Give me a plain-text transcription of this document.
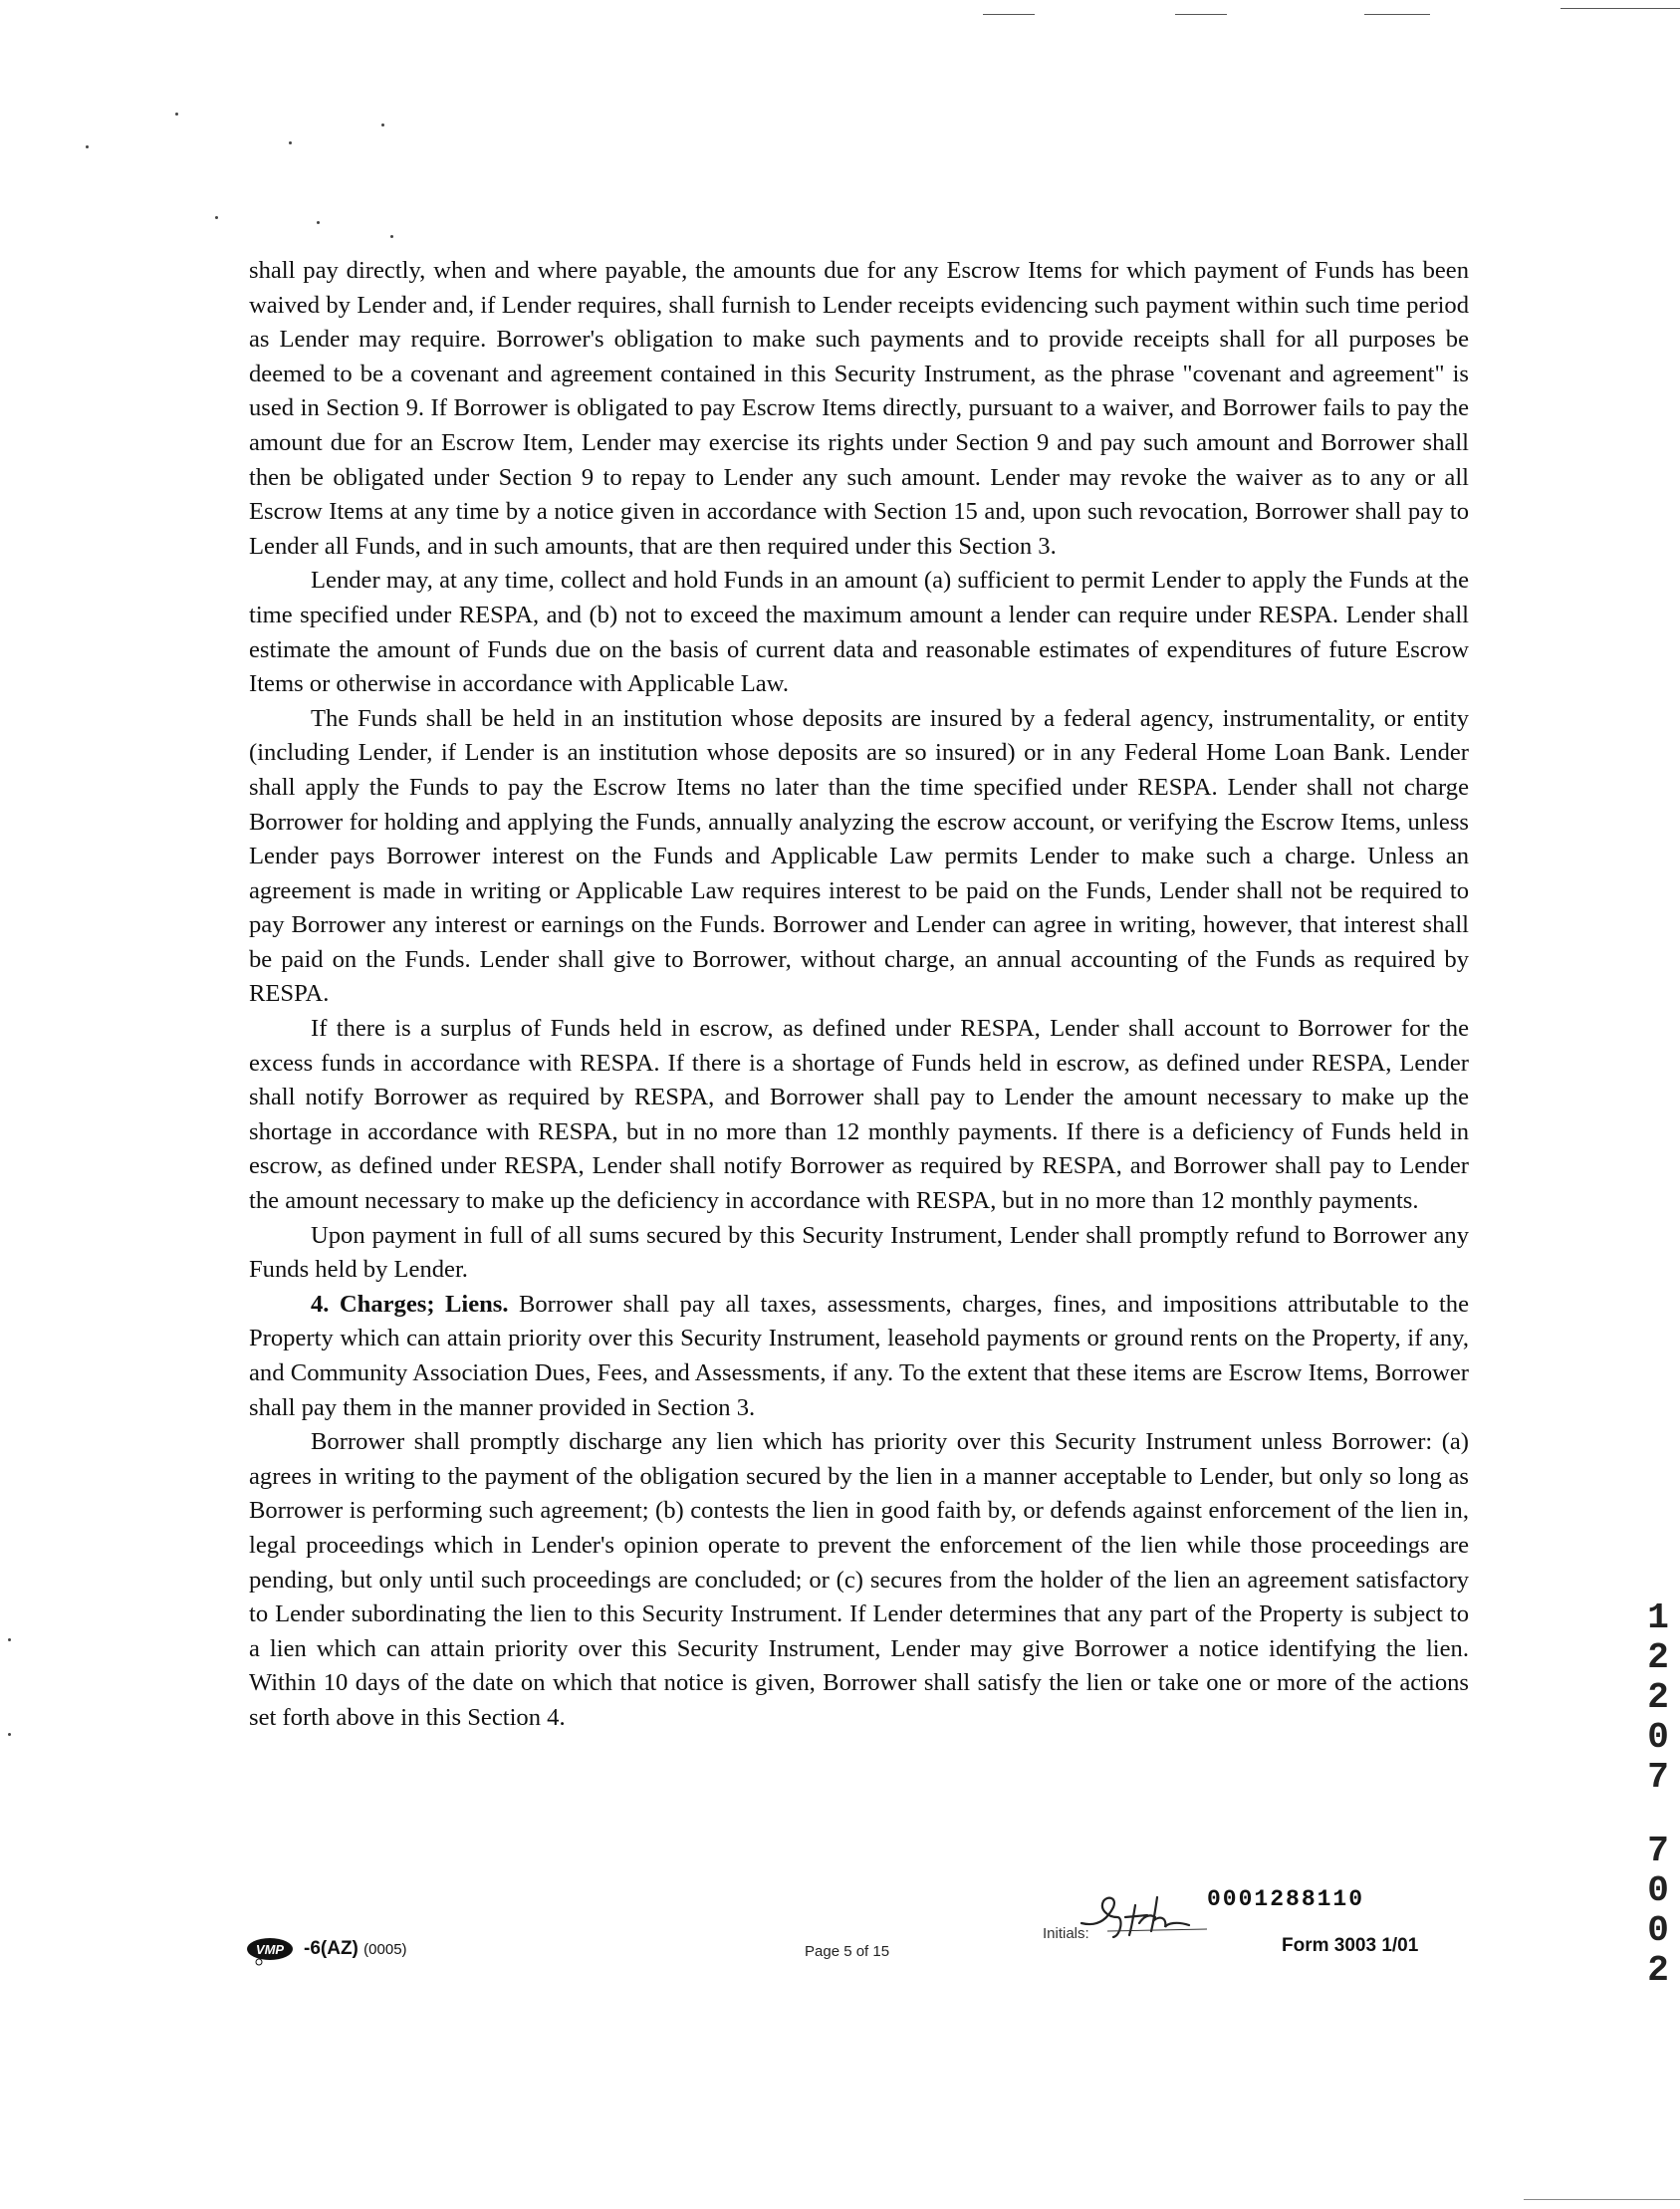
shall pay directly, when and where payable, the amounts due for any Escrow Items for which payment of Funds has been waived by Lender and, if Lender requires, shall furnish to Lender receipts evidencing such payment within such time period as Lender may require. Borrower's obligation to make such payments and to provide receipts shall for all purposes be deemed to be a covenant and agreement contained in this Security Instrument, as the phrase "covenant and agreement" is used in Section 9. If Borrower is obligated to pay Escrow Items directly, pursuant to a waiver, and Borrower fails to pay the amount due for an Escrow Item, Lender may exercise its rights under Section 9 and pay such amount and Borrower shall then be obligated under Section 9 to repay to Lender any such amount. Lender may revoke the waiver as to any or all Escrow Items at any time by a notice given in accordance with Section 15 and, upon such revocation, Borrower shall pay to Lender all Funds, and in such amounts, that are then required under this Section 3.

Lender may, at any time, collect and hold Funds in an amount (a) sufficient to permit Lender to apply the Funds at the time specified under RESPA, and (b) not to exceed the maximum amount a lender can require under RESPA. Lender shall estimate the amount of Funds due on the basis of current data and reasonable estimates of expenditures of future Escrow Items or otherwise in accordance with Applicable Law.

The Funds shall be held in an institution whose deposits are insured by a federal agency, instrumentality, or entity (including Lender, if Lender is an institution whose deposits are so insured) or in any Federal Home Loan Bank. Lender shall apply the Funds to pay the Escrow Items no later than the time specified under RESPA. Lender shall not charge Borrower for holding and applying the Funds, annually analyzing the escrow account, or verifying the Escrow Items, unless Lender pays Borrower interest on the Funds and Applicable Law permits Lender to make such a charge. Unless an agreement is made in writing or Applicable Law requires interest to be paid on the Funds, Lender shall not be required to pay Borrower any interest or earnings on the Funds. Borrower and Lender can agree in writing, however, that interest shall be paid on the Funds. Lender shall give to Borrower, without charge, an annual accounting of the Funds as required by RESPA.

If there is a surplus of Funds held in escrow, as defined under RESPA, Lender shall account to Borrower for the excess funds in accordance with RESPA. If there is a shortage of Funds held in escrow, as defined under RESPA, Lender shall notify Borrower as required by RESPA, and Borrower shall pay to Lender the amount necessary to make up the shortage in accordance with RESPA, but in no more than 12 monthly payments. If there is a deficiency of Funds held in escrow, as defined under RESPA, Lender shall notify Borrower as required by RESPA, and Borrower shall pay to Lender the amount necessary to make up the deficiency in accordance with RESPA, but in no more than 12 monthly payments.

Upon payment in full of all sums secured by this Security Instrument, Lender shall promptly refund to Borrower any Funds held by Lender.

4. Charges; Liens. Borrower shall pay all taxes, assessments, charges, fines, and impositions attributable to the Property which can attain priority over this Security Instrument, leasehold payments or ground rents on the Property, if any, and Community Association Dues, Fees, and Assessments, if any. To the extent that these items are Escrow Items, Borrower shall pay them in the manner provided in Section 3.

Borrower shall promptly discharge any lien which has priority over this Security Instrument unless Borrower: (a) agrees in writing to the payment of the obligation secured by the lien in a manner acceptable to Lender, but only so long as Borrower is performing such agreement; (b) contests the lien in good faith by, or defends against enforcement of the lien in, legal proceedings which in Lender's opinion operate to prevent the enforcement of the lien while those proceedings are pending, but only until such proceedings are concluded; or (c) secures from the holder of the lien an agreement satisfactory to Lender subordinating the lien to this Security Instrument. If Lender determines that any part of the Property is subject to a lien which can attain priority over this Security Instrument, Lender may give Borrower a notice identifying the lien. Within 10 days of the date on which that notice is given, Borrower shall satisfy the lien or take one or more of the actions set forth above in this Section 4.

1
2
2
0
7
7
0
0
2
VMP -6(AZ) (0005)	Page 5 of 15
Initials:
0001288110
Form 3003 1/01
